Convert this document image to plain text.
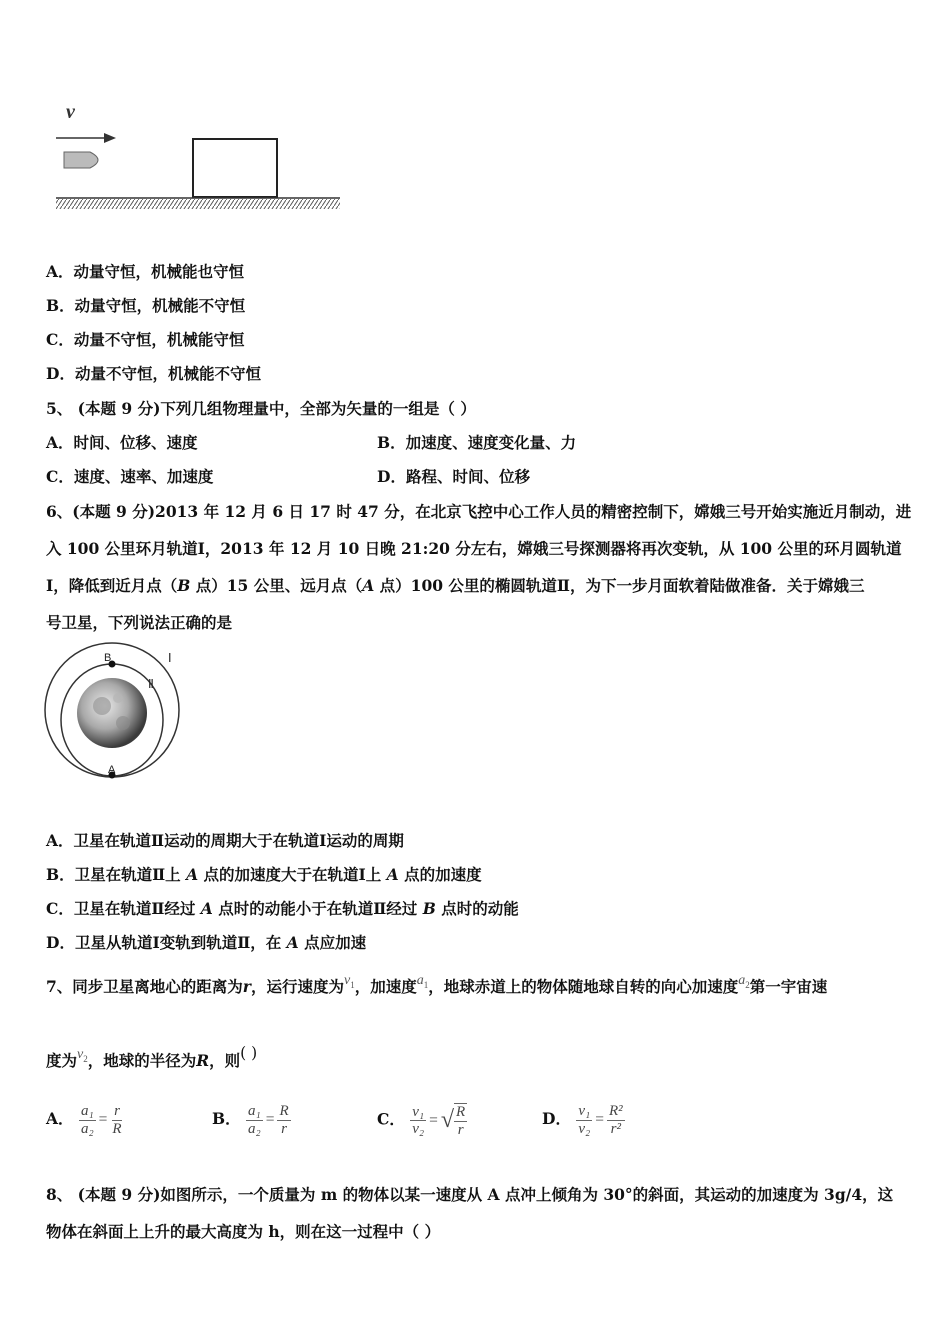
v
A．动量守恒，机械能也守恒
B．动量守恒，机械能不守恒
C．动量不守恒，机械能守恒
D．动量不守恒，机械能不守恒
5、 (本题 9 分)下列几组物理量中，全部为矢量的一组是（ ）
A．时间、位移、速度	B．加速度、速度变化量、力
C．速度、速率、加速度	D．路程、时间、位移
6、(本题 9 分)2013 年 12 月 6 日 17 时 47 分，在北京飞控中心工作人员的精密控制下，嫦娥三号开始实施近月制动，进
入 100 公里环月轨道Ⅰ，2013 年 12 月 10 日晚 21:20 分左右，嫦娥三号探测器将再次变轨，从 100 公里的环月圆轨道
Ⅰ，降低到近月点（B 点）15 公里、远月点（A 点）100 公里的椭圆轨道Ⅱ，为下一步月面软着陆做准备．关于嫦娥三
号卫星，下列说法正确的是
B
A
Ⅰ
Ⅱ
A．卫星在轨道Ⅱ运动的周期大于在轨道Ⅰ运动的周期
B．卫星在轨道Ⅱ上 A 点的加速度大于在轨道Ⅰ上 A 点的加速度
C．卫星在轨道Ⅱ经过 A 点时的动能小于在轨道Ⅱ经过 B 点时的动能
D．卫星从轨道Ⅰ变轨到轨道Ⅱ，在 A 点应加速
7、同步卫星离地心的距离为r，运行速度为$v_1$，加速度$a_1$，地球赤道上的物体随地球自转的向心加速度$a_2$第一宇宙速
度为$v_2$，地球的半径为R，则( )
A． $\frac{\text{a₁}}{\text{a₂}} = \frac{r}{R}$	B． $\frac{\text{a₁}}{\text{a₂}} = \frac{R}{r}$	C． $\frac{\text{v₁}}{\text{v₂}}$ = √ $\frac{R}{r}$	D． $\frac{\text{v₁}}{\text{v₂}} = \frac{\text{R²}}{\text{r²}}$
8、 (本题 9 分)如图所示，一个质量为 m 的物体以某一速度从 A 点冲上倾角为 30°的斜面，其运动的加速度为 3g/4，这
物体在斜面上上升的最大高度为 h，则在这一过程中（ ）
